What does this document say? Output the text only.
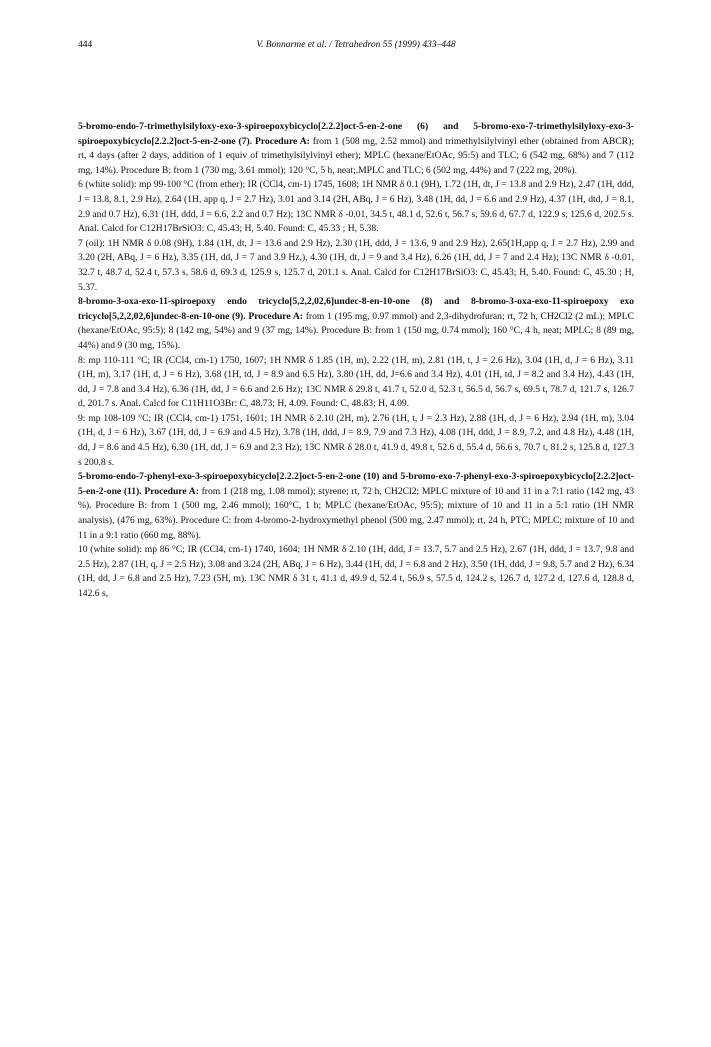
444	V. Bonnarme et al. / Tetrahedron 55 (1999) 433–448

5-bromo-endo-7-trimethylsilyloxy-exo-3-spiroepoxybicyclo[2.2.2]oct-5-en-2-one (6) and 5-bromo-exo-7-trimethylsilyloxy-exo-3-spiroepoxybicyclo[2.2.2]oct-5-en-2-one (7). Procedure A: from 1 (508 mg, 2.52 mmol) and trimethylsilylvinyl ether (obtained from ABCR); rt, 4 days (after 2 days, addition of 1 equiv of trimethylsilylvinyl ether); MPLC (hexane/EtOAc, 95:5) and TLC; 6 (542 mg, 68%) and 7 (112 mg, 14%). Procedure B: from 1 (730 mg, 3.61 mmol); 120 °C, 5 h, neat;.MPLC and TLC; 6 (502 mg, 44%) and 7 (222 mg, 20%).

6 (white solid): mp 99-100 °C (from ether); IR (CCl4, cm-1) 1745, 1608; 1H NMR δ 0.1 (9H), 1.72 (1H, dt, J = 13.8 and 2.9 Hz), 2.47 (1H, ddd, J = 13.8, 8.1, 2.9 Hz), 2.64 (1H, app q, J = 2.7 Hz), 3.01 and 3.14 (2H, ABq, J = 6 Hz), 3.48 (1H, dd, J = 6.6 and 2.9 Hz), 4.37 (1H, dtd, J = 8.1, 2.9 and 0.7 Hz), 6.31 (1H, ddd, J = 6.6, 2.2 and 0.7 Hz); 13C NMR δ -0.01, 34.5 t, 48.1 d, 52.6 t, 56.7 s, 59.6 d, 67.7 d, 122.9 s, 125.6 d, 202.5 s. Anal. Calcd for C12H17BrSiO3: C, 45.43; H, 5.40. Found: C, 45.33 ; H, 5.38.

7 (oil): 1H NMR δ 0.08 (9H), 1.84 (1H, dt, J = 13.6 and 2.9 Hz), 2.30 (1H, ddd, J = 13.6, 9 and 2.9 Hz), 2.65(1H,app q, J = 2.7 Hz), 2.99 and 3.20 (2H, ABq, J = 6 Hz), 3.35 (1H, dd, J = 7 and 3.9 Hz,), 4.30 (1H, dt, J = 9 and 3.4 Hz), 6.26 (1H, dd, J = 7 and 2.4 Hz); 13C NMR δ -0.01, 32.7 t, 48.7 d, 52.4 t, 57.3 s, 58.6 d, 69.3 d, 125.9 s, 125.7 d, 201.1 s. Anal. Calcd for C12H17BrSiO3: C, 45.43; H, 5.40. Found: C, 45.30 ; H, 5.37.

8-bromo-3-oxa-exo-11-spiroepoxy endo tricyclo[5,2,2,02,6]undec-8-en-10-one (8) and 8-bromo-3-oxa-exo-11-spiroepoxy exo tricyclo[5,2,2,02,6]undec-8-en-10-one (9). Procedure A: from 1 (195 mg, 0.97 mmol) and 2,3-dihydrofuran; rt, 72 h, CH2Cl2 (2 mL); MPLC (hexane/EtOAc, 95:5); 8 (142 mg, 54%) and 9 (37 mg, 14%). Procedure B: from 1 (150 mg, 0.74 mmol); 160 °C, 4 h, neat; MPLC; 8 (89 mg, 44%) and 9 (30 mg, 15%).

8: mp 110-111 °C; IR (CCl4, cm-1) 1750, 1607; 1H NMR δ 1.85 (1H, m), 2.22 (1H, m), 2.81 (1H, t, J = 2.6 Hz), 3.04 (1H, d, J = 6 Hz), 3.11 (1H, m), 3.17 (1H, d, J = 6 Hz), 3.68 (1H, td, J = 8.9 and 6.5 Hz), 3.80 (1H, dd, J=6.6 and 3.4 Hz), 4.01 (1H, td, J = 8.2 and 3.4 Hz), 4.43 (1H, dd, J = 7.8 and 3.4 Hz), 6.36 (1H, dd, J = 6.6 and 2.6 Hz); 13C NMR δ 29.8 t, 41.7 t, 52.0 d, 52.3 t, 56.5 d, 56.7 s, 69.5 t, 78.7 d, 121.7 s, 126.7 d, 201.7 s. Anal. Calcd for C11H11O3Br: C, 48.73; H, 4.09. Found: C, 48.83; H, 4.09.

9: mp 108-109 °C; IR (CCl4, cm-1) 1751, 1601; 1H NMR δ 2.10 (2H, m), 2.76 (1H, t, J = 2.3 Hz), 2.88 (1H, d, J = 6 Hz), 2.94 (1H, m), 3.04 (1H, d, J = 6 Hz), 3.67 (1H, dd, J = 6.9 and 4.5 Hz), 3.78 (1H, ddd, J = 8.9, 7.9 and 7.3 Hz), 4.08 (1H, ddd, J = 8.9, 7.2, and 4.8 Hz), 4.48 (1H, dd, J = 8.6 and 4.5 Hz), 6.30 (1H, dd, J = 6.9 and 2.3 Hz); 13C NMR δ 28.0 t, 41.9 d, 49.8 t, 52.6 d, 55.4 d, 56.6 s, 70.7 t, 81.2 s, 125.8 d, 127.3 s 200.8 s.

5-bromo-endo-7-phenyl-exo-3-spiroepoxybicyclo[2.2.2]oct-5-en-2-one (10) and 5-bromo-exo-7-phenyl-exo-3-spiroepoxybicyclo[2.2.2]oct-5-en-2-one (11). Procedure A: from 1 (218 mg, 1.08 mmol); styrene; rt, 72 h, CH2Cl2; MPLC mixture of 10 and 11 in a 7:1 ratio (142 mg, 43 %). Procedure B: from 1 (500 mg, 2.46 mmol); 160°C, 1 h; MPLC (hexane/EtOAc, 95:5); mixture of 10 and 11 in a 5:1 ratio (1H NMR analysis), (476 mg, 63%). Procedure C: from 4-bromo-2-hydroxymethyl phenol (500 mg, 2.47 mmol); rt, 24 h, PTC; MPLC; mixture of 10 and 11 in a 9:1 ratio (660 mg, 88%).

10 (white solid): mp 86 °C; IR (CCl4, cm-1) 1740, 1604; 1H NMR δ 2.10 (1H, ddd, J = 13.7, 5.7 and 2.5 Hz), 2.67 (1H, ddd, J = 13.7, 9.8 and 2.5 Hz), 2.87 (1H, q, J = 2.5 Hz), 3.08 and 3.24 (2H, ABq, J = 6 Hz), 3.44 (1H, dd, J = 6.8 and 2 Hz), 3.50 (1H, ddd, J = 9.8, 5.7 and 2 Hz), 6.34 (1H, dd, J = 6.8 and 2.5 Hz), 7.23 (5H, m). 13C NMR δ 31 t, 41.1 d, 49.9 d, 52.4 t, 56.9 s, 57.5 d, 124.2 s, 126.7 d, 127.2 d, 127.6 d, 128.8 d, 142.6 s,
